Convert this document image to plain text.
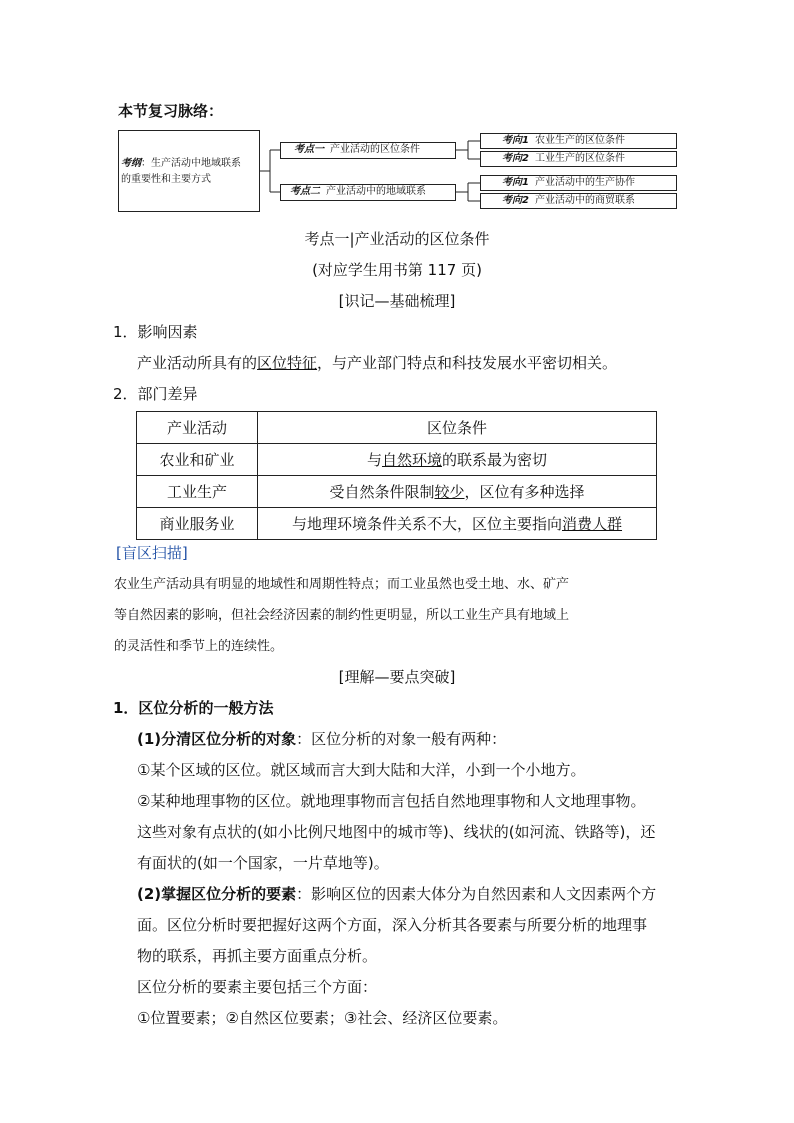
本节复习脉络：
考纲：生产活动中地域联系
的重要性和主要方式
考点一 产业活动的区位条件
考点二 产业活动中的地域联系
考向1 农业生产的区位条件
考向2 工业生产的区位条件
考向1 产业活动中的生产协作
考向2 产业活动中的商贸联系
考点一|产业活动的区位条件
(对应学生用书第 117 页)
[识记—基础梳理]
1．影响因素
产业活动所具有的区位特征，与产业部门特点和科技发展水平密切相关。
2．部门差异
产业活动	区位条件
农业和矿业	与自然环境的联系最为密切
工业生产	受自然条件限制较少，区位有多种选择
商业服务业	与地理环境条件关系不大，区位主要指向消费人群
[盲区扫描]
农业生产活动具有明显的地域性和周期性特点；而工业虽然也受土地、水、矿产
等自然因素的影响，但社会经济因素的制约性更明显，所以工业生产具有地域上
的灵活性和季节上的连续性。
[理解—要点突破]
1．区位分析的一般方法
(1)分清区位分析的对象：区位分析的对象一般有两种：
①某个区域的区位。就区域而言大到大陆和大洋，小到一个小地方。
②某种地理事物的区位。就地理事物而言包括自然地理事物和人文地理事物。
这些对象有点状的(如小比例尺地图中的城市等)、线状的(如河流、铁路等)，还
有面状的(如一个国家，一片草地等)。
(2)掌握区位分析的要素：影响区位的因素大体分为自然因素和人文因素两个方
面。区位分析时要把握好这两个方面，深入分析其各要素与所要分析的地理事
物的联系，再抓主要方面重点分析。
区位分析的要素主要包括三个方面：
①位置要素；②自然区位要素；③社会、经济区位要素。
